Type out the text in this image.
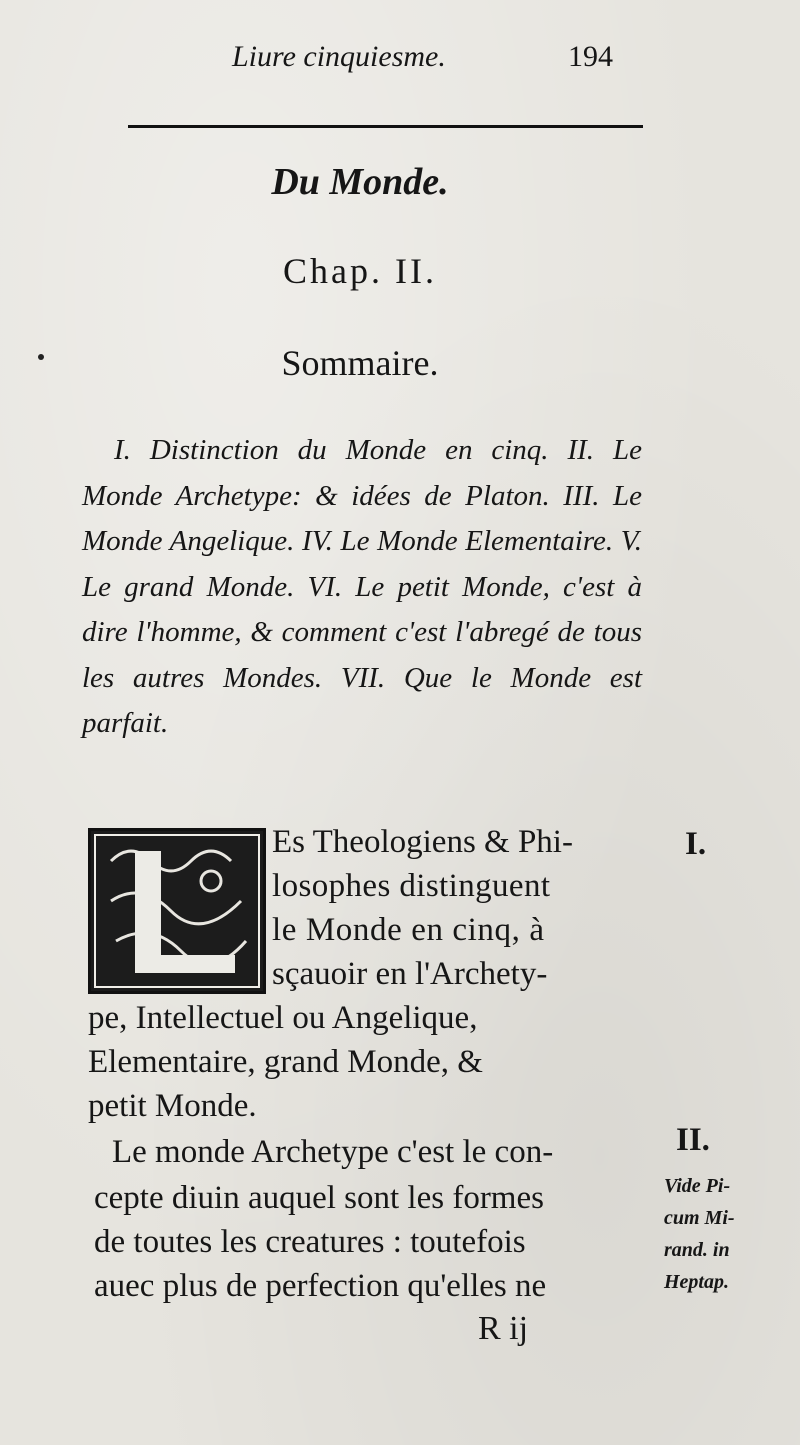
Liure cinquiesme.	194
Du Monde.
Chap. II.
Sommaire.
I. Distinction du Monde en cinq. II. Le Monde Archetype: & idées de Platon. III. Le Monde Angelique. IV. Le Monde Elementaire. V. Le grand Monde. VI. Le petit Monde, c'est à dire l'homme, & comment c'est l'abregé de tous les autres Mondes. VII. Que le Monde est parfait.
Es Theologiens & Phi-
losophes distinguent
le Monde en cinq, à
sçauoir en l'Archety-
pe, Intellectuel ou Angelique,
Elementaire, grand Monde, &
petit Monde.
Le monde Archetype c'est le con-
cepte diuin auquel sont les formes
de toutes les creatures : toutefois
auec plus de perfection qu'elles ne
I.
II.
Vide Pi-
cum Mi-
rand. in
Heptap.
R ij
